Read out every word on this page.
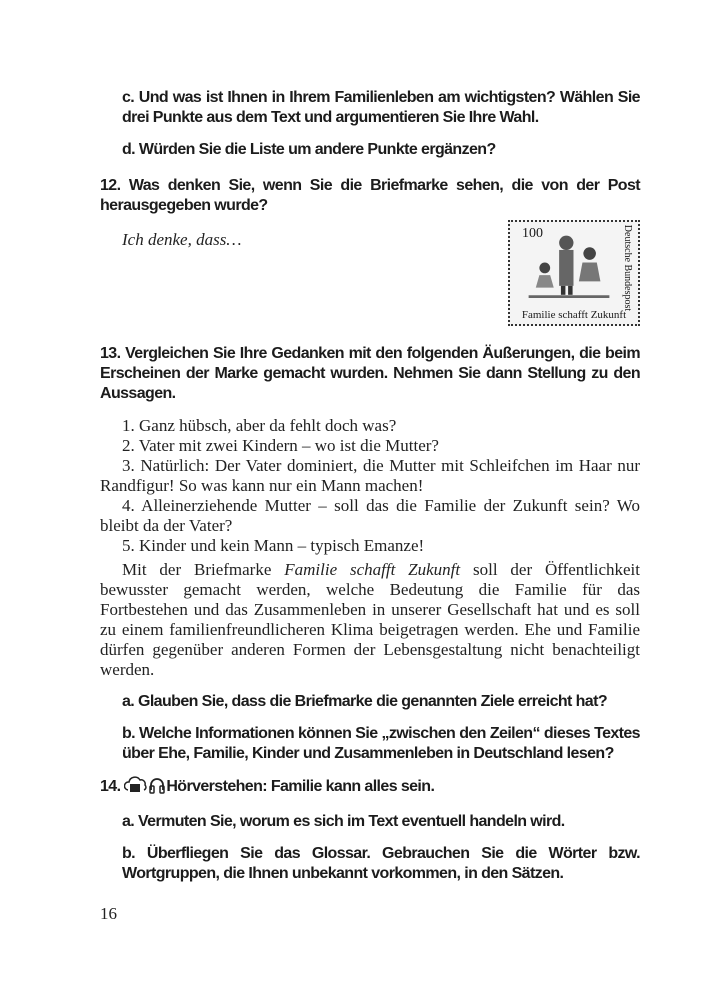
c. Und was ist Ihnen in Ihrem Familienleben am wichtigsten? Wählen Sie drei Punkte aus dem Text und argumentieren Sie Ihre Wahl.
d. Würden Sie die Liste um andere Punkte ergänzen?
12. Was denken Sie, wenn Sie die Briefmarke sehen, die von der Post herausgegeben wurde?
Ich denke, dass…	100	Deutsche Bundespost
Familie schafft Zukunft
13. Vergleichen Sie Ihre Gedanken mit den folgenden Äußerungen, die beim Erscheinen der Marke gemacht wurden. Nehmen Sie dann Stellung zu den Aussagen.

1. Ganz hübsch, aber da fehlt doch was?

2. Vater mit zwei Kindern – wo ist die Mutter?

3. Natürlich: Der Vater dominiert, die Mutter mit Schleifchen im Haar nur Randfigur! So was kann nur ein Mann machen!

4. Alleinerziehende Mutter – soll das die Familie der Zukunft sein? Wo bleibt da der Vater?

5. Kinder und kein Mann – typisch Emanze!

Mit der Briefmarke Familie schafft Zukunft soll der Öffentlichkeit bewusster gemacht werden, welche Bedeutung die Familie für das Fortbestehen und das Zusammenleben in unserer Gesellschaft hat und es soll zu einem familienfreundlicheren Klima beigetragen werden. Ehe und Familie dürfen gegenüber anderen Formen der Lebensgestaltung nicht benachteiligt werden.

a. Glauben Sie, dass die Briefmarke die genannten Ziele erreicht hat?
b. Welche Informationen können Sie „zwischen den Zeilen“ dieses Textes über Ehe, Familie, Kinder und Zusammenleben in Deutschland lesen?
14.	Hörverstehen: Familie kann alles sein.
a. Vermuten Sie, worum es sich im Text eventuell handeln wird.
b. Überfliegen Sie das Glossar. Gebrauchen Sie die Wörter bzw. Wortgruppen, die Ihnen unbekannt vorkommen, in den Sätzen.
16
